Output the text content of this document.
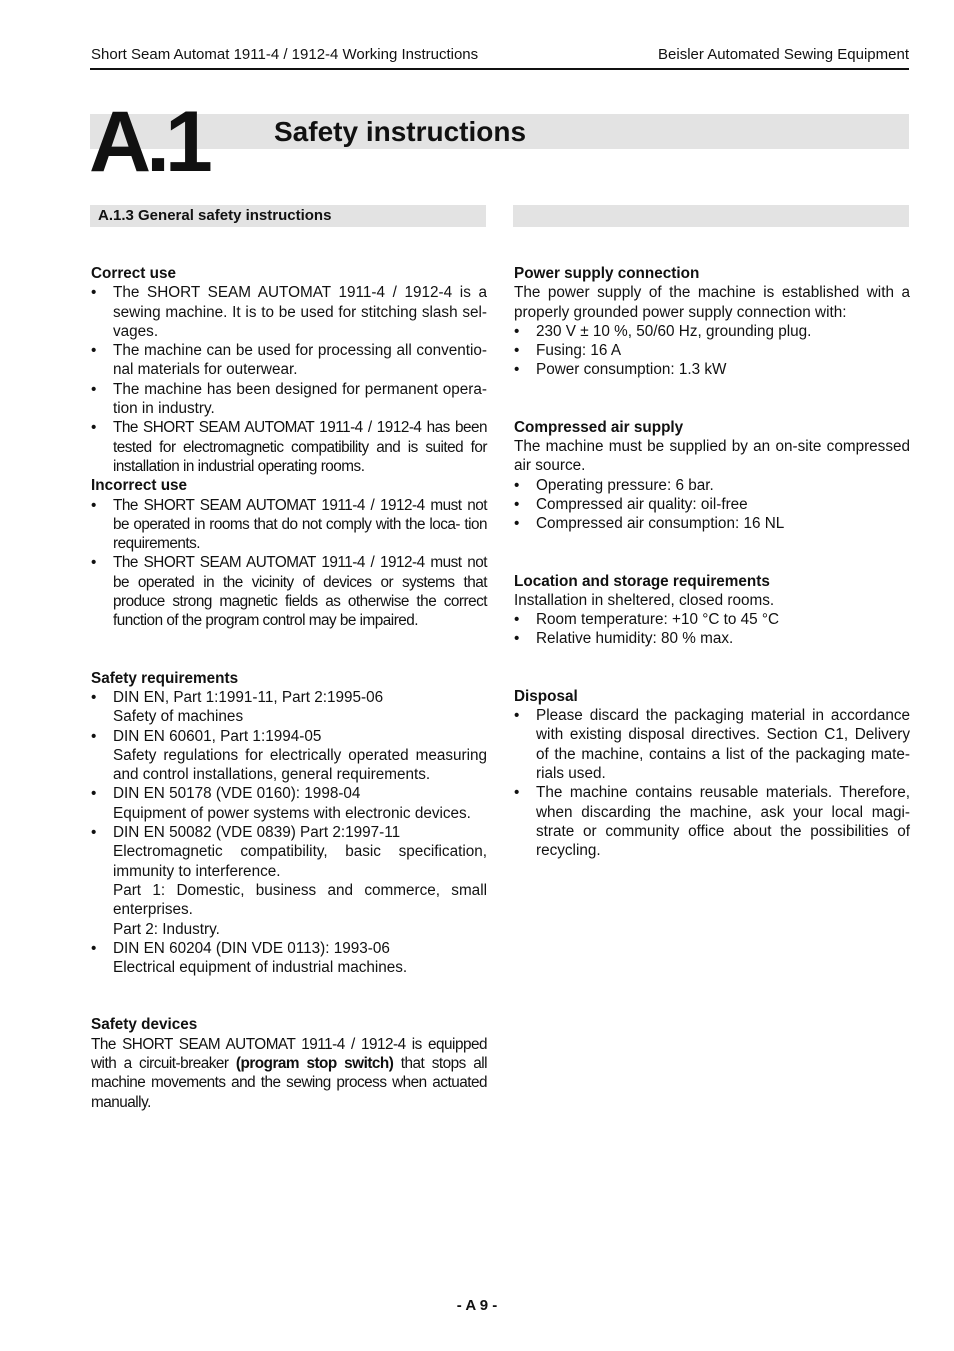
Short Seam Automat 1911-4 / 1912-4 Working Instructions	Beisler Automated Sewing Equipment
A.1 Safety instructions
A.1.3 General safety instructions

Correct use

• The SHORT SEAM AUTOMAT 1911-4 / 1912-4 is a sewing machine. It is to be used for stitching slash sel- vages.
• The machine can be used for processing all conventio- nal materials for outerwear.
• The machine has been designed for permanent opera- tion in industry.
• The SHORT SEAM AUTOMAT 1911-4 / 1912-4 has been tested for electromagnetic compatibility and is suited for installation in industrial operating rooms.

Incorrect use

• The SHORT SEAM AUTOMAT 1911-4 / 1912-4 must not be operated in rooms that do not comply with the loca- tion requirements.
• The SHORT SEAM AUTOMAT 1911-4 / 1912-4 must not be operated in the vicinity of devices or systems that produce strong magnetic fields as otherwise the correct function of the program control may be impaired.

Safety requirements

• DIN EN, Part 1:1991-11, Part 2:1995-06
Safety of machines
• DIN EN 60601, Part 1:1994-05
Safety regulations for electrically operated measuring and control installations, general requirements.
• DIN EN 50178 (VDE 0160): 1998-04
Equipment of power systems with electronic devices.
• DIN EN 50082 (VDE 0839) Part 2:1997-11
Electromagnetic compatibility, basic specification, immunity to interference.
Part 1: Domestic, business and commerce, small enterprises.
Part 2: Industry.
• DIN EN 60204 (DIN VDE 0113): 1993-06
Electrical equipment of industrial machines.

Safety devices

The SHORT SEAM AUTOMAT 1911-4 / 1912-4 is equipped with a circuit-breaker (program stop switch) that stops all machine movements and the sewing process when actuated manually.

Power supply connection

The power supply of the machine is established with a properly grounded power supply connection with:

• 230 V ± 10 %, 50/60 Hz, grounding plug.
• Fusing: 16 A
• Power consumption: 1.3 kW

Compressed air supply

The machine must be supplied by an on-site compressed air source.

• Operating pressure: 6 bar.
• Compressed air quality: oil-free
• Compressed air consumption: 16 NL

Location and storage requirements

Installation in sheltered, closed rooms.

• Room temperature: +10 °C to 45 °C
• Relative humidity: 80 % max.

Disposal

• Please discard the packaging material in accordance with existing disposal directives. Section C1, Delivery of the machine, contains a list of the packaging mate- rials used.
• The machine contains reusable materials. Therefore, when discarding the machine, ask your local magi- strate or community office about the possibilities of recycling.
- A 9 -
